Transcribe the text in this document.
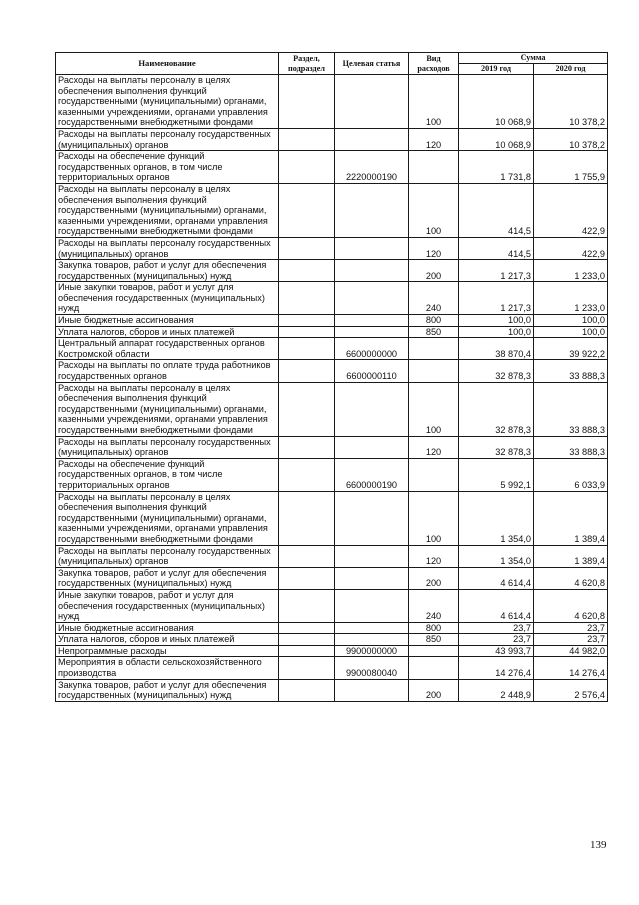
Наименование	Раздел, подраздел	Целевая статья	Вид расходов	Сумма	
				2019 год	2020 год
Расходы на выплаты персоналу в целях обеспечения выполнения функций государственными (муниципальными) органами, казенными учреждениями, органами управления государственными внебюджетными фондами			100	10 068,9	10 378,2
Расходы на выплаты персоналу государственных (муниципальных) органов			120	10 068,9	10 378,2
Расходы на обеспечение функций государственных органов, в том числе территориальных органов		2220000190		1 731,8	1 755,9
Расходы на выплаты персоналу в целях обеспечения выполнения функций государственными (муниципальными) органами, казенными учреждениями, органами управления государственными внебюджетными фондами			100	414,5	422,9
Расходы на выплаты персоналу государственных (муниципальных) органов			120	414,5	422,9
Закупка товаров, работ и услуг для обеспечения государственных (муниципальных) нужд			200	1 217,3	1 233,0
Иные закупки товаров, работ и услуг для обеспечения государственных (муниципальных) нужд			240	1 217,3	1 233,0
Иные бюджетные ассигнования			800	100,0	100,0
Уплата налогов, сборов и иных платежей			850	100,0	100,0
Центральный аппарат государственных органов Костромской области		6600000000		38 870,4	39 922,2
Расходы на выплаты по оплате труда работников государственных органов		6600000110		32 878,3	33 888,3
Расходы на выплаты персоналу в целях обеспечения выполнения функций государственными (муниципальными) органами, казенными учреждениями, органами управления государственными внебюджетными фондами			100	32 878,3	33 888,3
Расходы на выплаты персоналу государственных (муниципальных) органов			120	32 878,3	33 888,3
Расходы на обеспечение функций государственных органов, в том числе территориальных органов		6600000190		5 992,1	6 033,9
Расходы на выплаты персоналу в целях обеспечения выполнения функций государственными (муниципальными) органами, казенными учреждениями, органами управления государственными внебюджетными фондами			100	1 354,0	1 389,4
Расходы на выплаты персоналу государственных (муниципальных) органов			120	1 354,0	1 389,4
Закупка товаров, работ и услуг для обеспечения государственных (муниципальных) нужд			200	4 614,4	4 620,8
Иные закупки товаров, работ и услуг для обеспечения государственных (муниципальных) нужд			240	4 614,4	4 620,8
Иные бюджетные ассигнования			800	23,7	23,7
Уплата налогов, сборов и иных платежей			850	23,7	23,7
Непрограммные расходы		9900000000		43 993,7	44 982,0
Мероприятия в области сельскохозяйственного производства		9900080040		14 276,4	14 276,4
Закупка товаров, работ и услуг для обеспечения государственных (муниципальных) нужд			200	2 448,9	2 576,4
139
